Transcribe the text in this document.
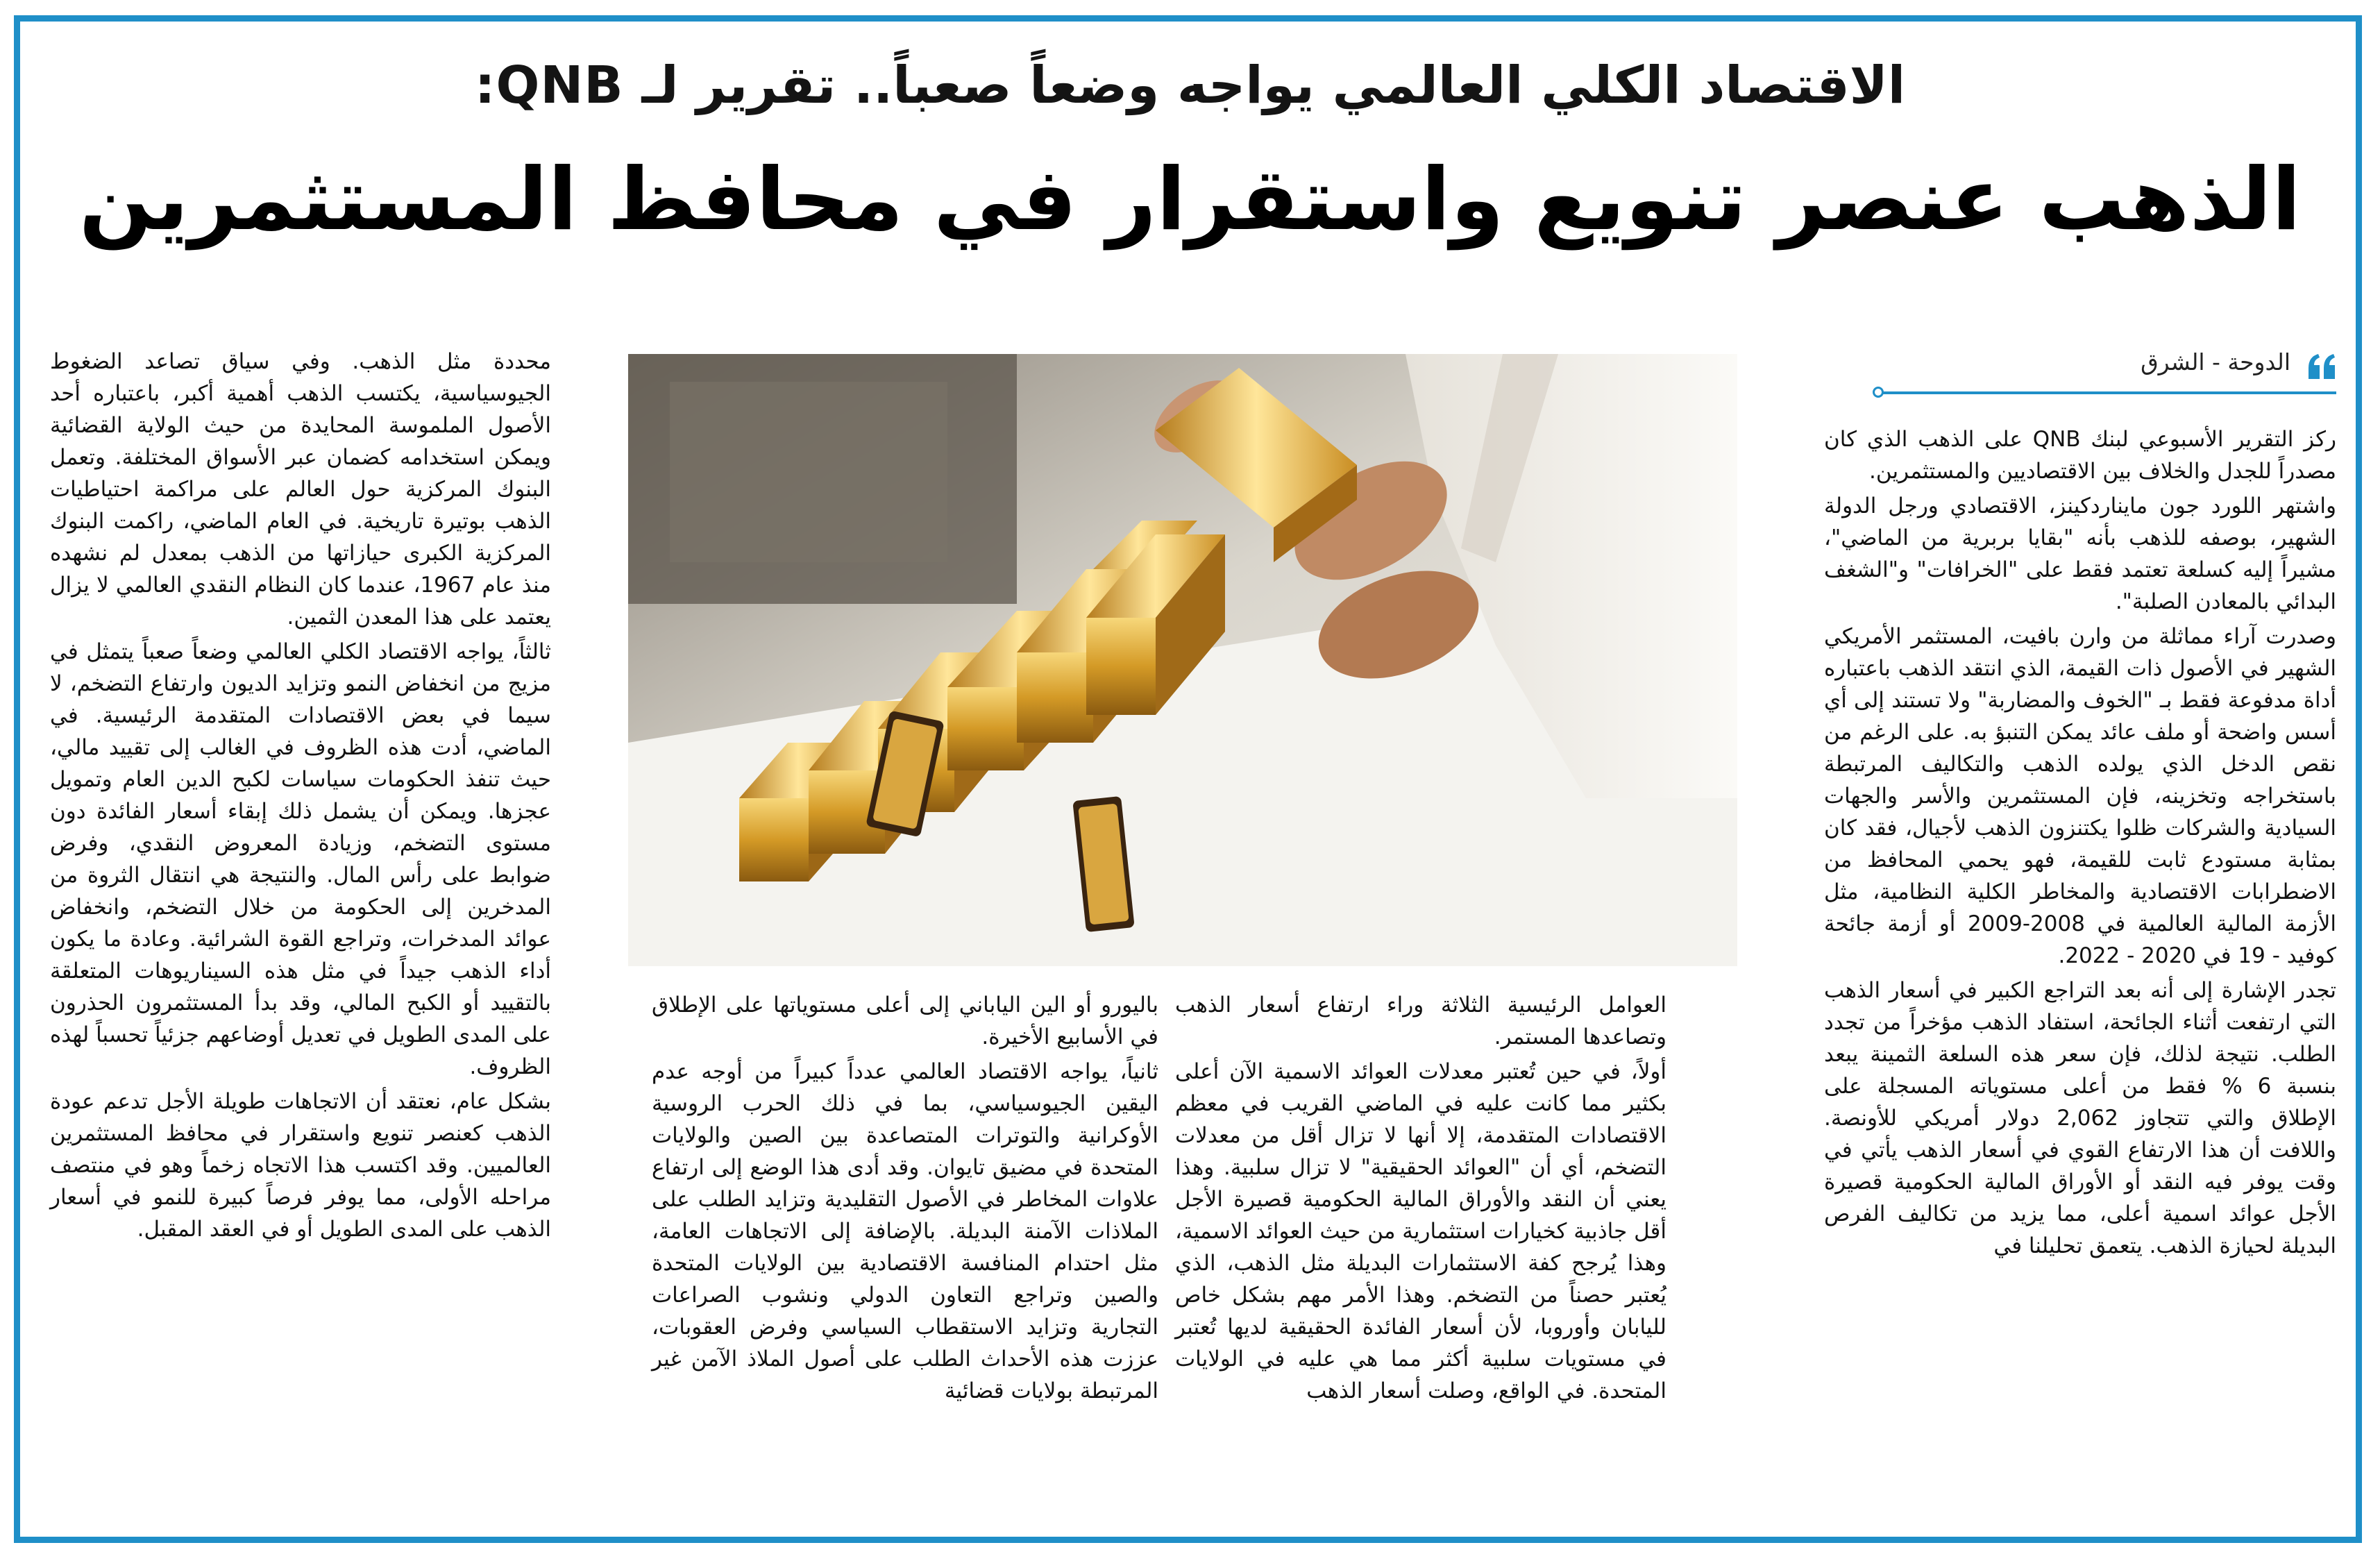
الاقتصاد الكلي العالمي يواجه وضعاً صعباً.. تقرير لـ QNB:
الذهب عنصر تنويع واستقرار في محافظ المستثمرين
الدوحة - الشرق

ركز التقرير الأسبوعي لبنك QNB على الذهب الذي كان مصدراً للجدل والخلاف بين الاقتصاديين والمستثمرين.

واشتهر اللورد جون مايناردكينز، الاقتصادي ورجل الدولة الشهير، بوصفه للذهب بأنه "بقايا بربرية من الماضي"، مشيراً إليه كسلعة تعتمد فقط على "الخرافات" و"الشغف البدائي بالمعادن الصلبة".

وصدرت آراء مماثلة من وارن بافيت، المستثمر الأمريكي الشهير في الأصول ذات القيمة، الذي انتقد الذهب باعتباره أداة مدفوعة فقط بـ "الخوف والمضاربة" ولا تستند إلى أي أسس واضحة أو ملف عائد يمكن التنبؤ به. على الرغم من نقص الدخل الذي يولده الذهب والتكاليف المرتبطة باستخراجه وتخزينه، فإن المستثمرين والأسر والجهات السيادية والشركات ظلوا يكتنزون الذهب لأجيال، فقد كان بمثابة مستودع ثابت للقيمة، فهو يحمي المحافظ من الاضطرابات الاقتصادية والمخاطر الكلية النظامية، مثل الأزمة المالية العالمية في 2008-2009 أو أزمة جائحة كوفيد - 19 في 2020 - 2022.

تجدر الإشارة إلى أنه بعد التراجع الكبير في أسعار الذهب التي ارتفعت أثناء الجائحة، استفاد الذهب مؤخراً من تجدد الطلب. نتيجة لذلك، فإن سعر هذه السلعة الثمينة يبعد بنسبة 6 % فقط من أعلى مستوياته المسجلة على الإطلاق والتي تتجاوز 2,062 دولار أمريكي للأونصة. واللافت أن هذا الارتفاع القوي في أسعار الذهب يأتي في وقت يوفر فيه النقد أو الأوراق المالية الحكومية قصيرة الأجل عوائد اسمية أعلى، مما يزيد من تكاليف الفرص البديلة لحيازة الذهب. يتعمق تحليلنا في

العوامل الرئيسية الثلاثة وراء ارتفاع أسعار الذهب وتصاعدها المستمر.

أولاً، في حين تُعتبر معدلات العوائد الاسمية الآن أعلى بكثير مما كانت عليه في الماضي القريب في معظم الاقتصادات المتقدمة، إلا أنها لا تزال أقل من معدلات التضخم، أي أن "العوائد الحقيقية" لا تزال سلبية. وهذا يعني أن النقد والأوراق المالية الحكومية قصيرة الأجل أقل جاذبية كخيارات استثمارية من حيث العوائد الاسمية، وهذا يُرجح كفة الاستثمارات البديلة مثل الذهب، الذي يُعتبر حصناً من التضخم. وهذا الأمر مهم بشكل خاص لليابان وأوروبا، لأن أسعار الفائدة الحقيقية لديها تُعتبر في مستويات سلبية أكثر مما هي عليه في الولايات المتحدة. في الواقع، وصلت أسعار الذهب

باليورو أو الين الياباني إلى أعلى مستوياتها على الإطلاق في الأسابيع الأخيرة.

ثانياً، يواجه الاقتصاد العالمي عدداً كبيراً من أوجه عدم اليقين الجيوسياسي، بما في ذلك الحرب الروسية الأوكرانية والتوترات المتصاعدة بين الصين والولايات المتحدة في مضيق تايوان. وقد أدى هذا الوضع إلى ارتفاع علاوات المخاطر في الأصول التقليدية وتزايد الطلب على الملاذات الآمنة البديلة. بالإضافة إلى الاتجاهات العامة، مثل احتدام المنافسة الاقتصادية بين الولايات المتحدة والصين وتراجع التعاون الدولي ونشوب الصراعات التجارية وتزايد الاستقطاب السياسي وفرض العقوبات، عززت هذه الأحداث الطلب على أصول الملاذ الآمن غير المرتبطة بولايات قضائية

محددة مثل الذهب. وفي سياق تصاعد الضغوط الجيوسياسية، يكتسب الذهب أهمية أكبر، باعتباره أحد الأصول الملموسة المحايدة من حيث الولاية القضائية ويمكن استخدامه كضمان عبر الأسواق المختلفة. وتعمل البنوك المركزية حول العالم على مراكمة احتياطيات الذهب بوتيرة تاريخية. في العام الماضي، راكمت البنوك المركزية الكبرى حيازاتها من الذهب بمعدل لم نشهده منذ عام 1967، عندما كان النظام النقدي العالمي لا يزال يعتمد على هذا المعدن الثمين.

ثالثاً، يواجه الاقتصاد الكلي العالمي وضعاً صعباً يتمثل في مزيج من انخفاض النمو وتزايد الديون وارتفاع التضخم، لا سيما في بعض الاقتصادات المتقدمة الرئيسية. في الماضي، أدت هذه الظروف في الغالب إلى تقييد مالي، حيث تنفذ الحكومات سياسات لكبح الدين العام وتمويل عجزها. ويمكن أن يشمل ذلك إبقاء أسعار الفائدة دون مستوى التضخم، وزيادة المعروض النقدي، وفرض ضوابط على رأس المال. والنتيجة هي انتقال الثروة من المدخرين إلى الحكومة من خلال التضخم، وانخفاض عوائد المدخرات، وتراجع القوة الشرائية. وعادة ما يكون أداء الذهب جيداً في مثل هذه السيناريوهات المتعلقة بالتقييد أو الكبح المالي، وقد بدأ المستثمرون الحذرون على المدى الطويل في تعديل أوضاعهم جزئياً تحسباً لهذه الظروف.

بشكل عام، نعتقد أن الاتجاهات طويلة الأجل تدعم عودة الذهب كعنصر تنويع واستقرار في محافظ المستثمرين العالميين. وقد اكتسب هذا الاتجاه زخماً وهو في منتصف مراحله الأولى، مما يوفر فرصاً كبيرة للنمو في أسعار الذهب على المدى الطويل أو في العقد المقبل.
